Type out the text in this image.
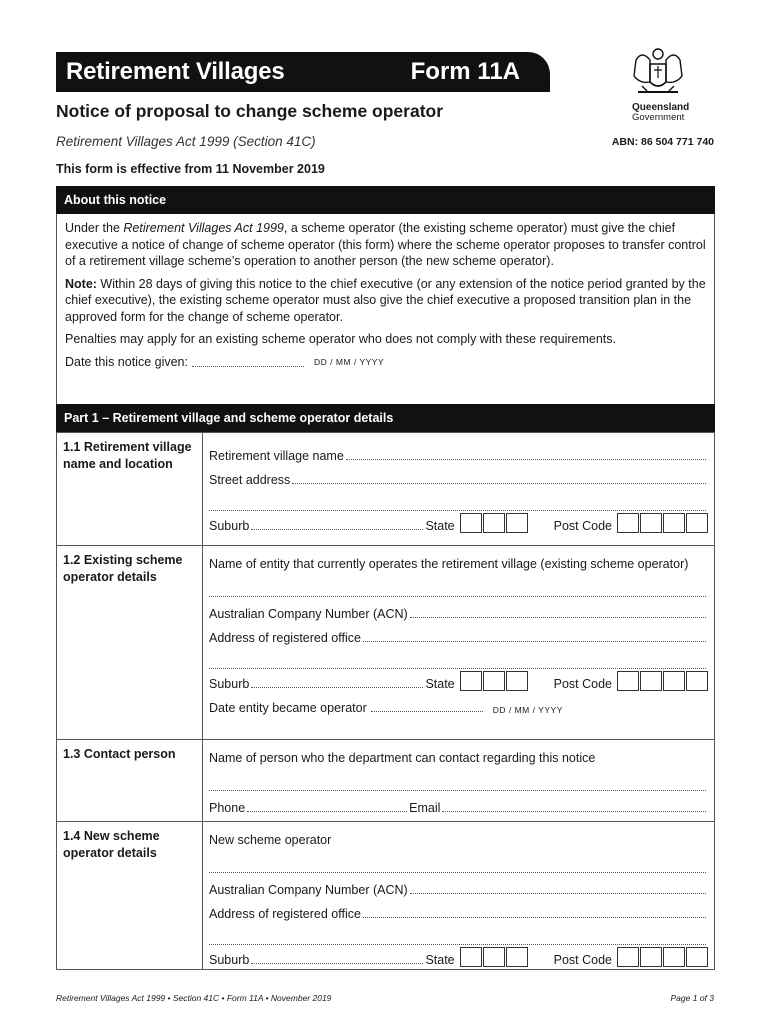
Retirement Villages	Form 11A
Queensland
Government
Notice of proposal to change scheme operator
Retirement Villages Act 1999 (Section 41C)	ABN: 86 504 771 740
This form is effective from 11 November 2019
About this notice

Under the Retirement Villages Act 1999, a scheme operator (the existing scheme operator) must give the chief executive a notice of change of scheme operator (this form) where the scheme operator proposes to transfer control of a retirement village scheme’s operation to another person (the new scheme operator).

Note: Within 28 days of giving this notice to the chief executive (or any extension of the notice period granted by the chief executive), the existing scheme operator must also give the chief executive a proposed transition plan in the approved form for the change of scheme operator.

Penalties may apply for an existing scheme operator who does not comply with these requirements.

Date this notice given:	DD / MM / YYYY
Part 1 – Retirement village and scheme operator details
1.1 Retirement village name and location
Retirement village name
Street address
Suburb	State	Post Code
1.2 Existing scheme operator details
Name of entity that currently operates the retirement village (existing scheme operator)
Australian Company Number (ACN)
Address of registered office
Suburb	State	Post Code
Date entity became operator	DD / MM / YYYY
1.3 Contact person	Name of person who the department can contact regarding this notice
Phone	Email
1.4 New scheme operator details
New scheme operator
Australian Company Number (ACN)
Address of registered office
Suburb	State	Post Code
Retirement Villages Act 1999 • Section 41C • Form 11A • November 2019	Page 1 of 3
